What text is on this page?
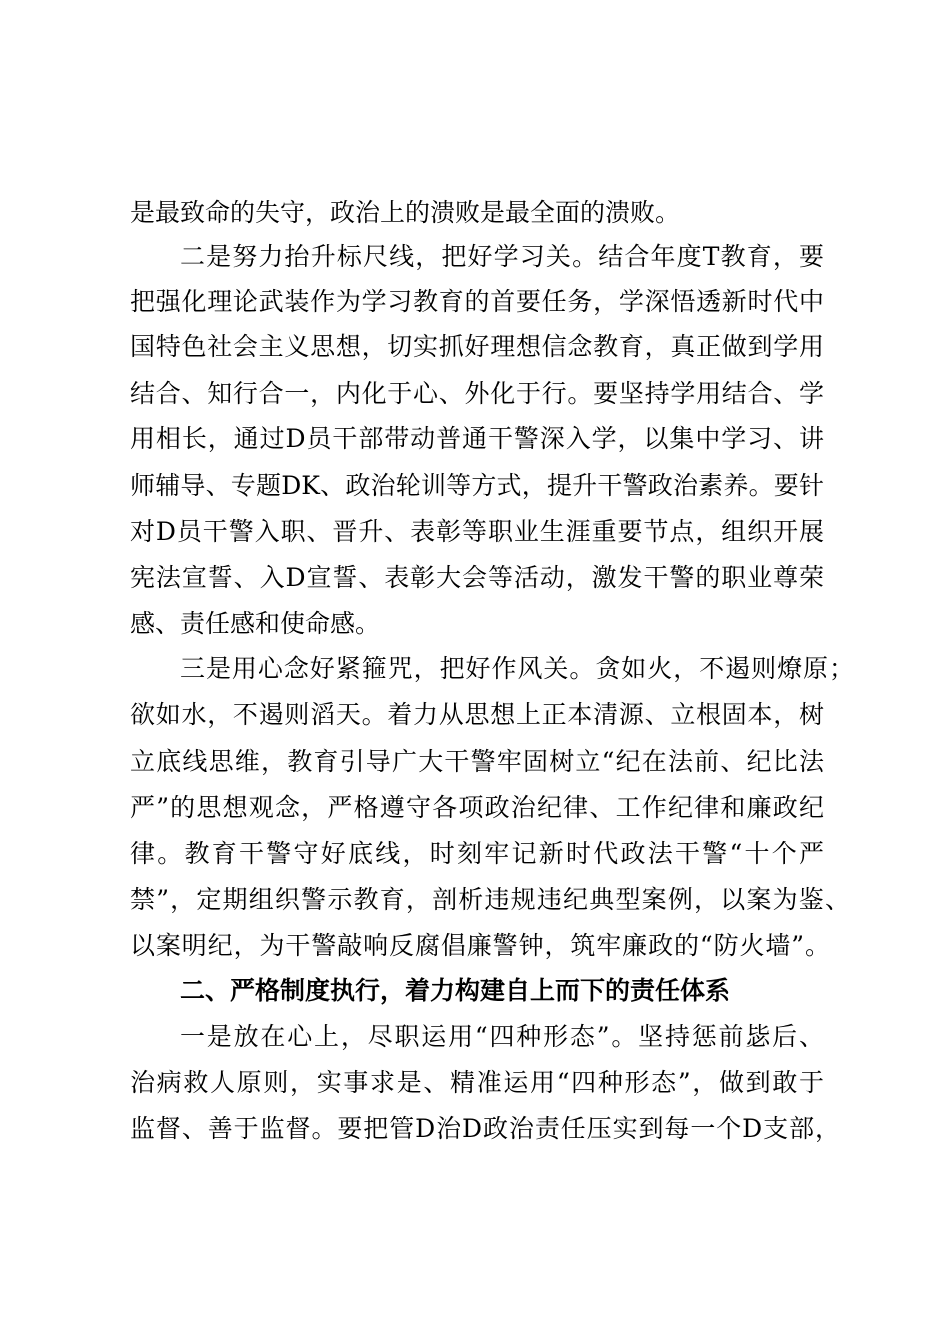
是最致命的失守，政治上的溃败是最全面的溃败。
二是努力抬升标尺线，把好学习关。结合年度T教育，要
把强化理论武装作为学习教育的首要任务，学深悟透新时代中
国特色社会主义思想，切实抓好理想信念教育，真正做到学用
结合、知行合一，内化于心、外化于行。要坚持学用结合、学
用相长，通过D员干部带动普通干警深入学，以集中学习、讲
师辅导、专题DK、政治轮训等方式，提升干警政治素养。要针
对D员干警入职、晋升、表彰等职业生涯重要节点，组织开展
宪法宣誓、入D宣誓、表彰大会等活动，激发干警的职业尊荣
感、责任感和使命感。
三是用心念好紧箍咒，把好作风关。贪如火，不遏则燎原；
欲如水，不遏则滔天。着力从思想上正本清源、立根固本，树
立底线思维，教育引导广大干警牢固树立“纪在法前、纪比法
严”的思想观念，严格遵守各项政治纪律、工作纪律和廉政纪
律。教育干警守好底线，时刻牢记新时代政法干警“十个严
禁”，定期组织警示教育，剖析违规违纪典型案例，以案为鉴、
以案明纪，为干警敲响反腐倡廉警钟，筑牢廉政的“防火墙”。
二、严格制度执行，着力构建自上而下的责任体系
一是放在心上，尽职运用“四种形态”。坚持惩前毖后、
治病救人原则，实事求是、精准运用“四种形态”，做到敢于
监督、善于监督。要把管D治D政治责任压实到每一个D支部，
